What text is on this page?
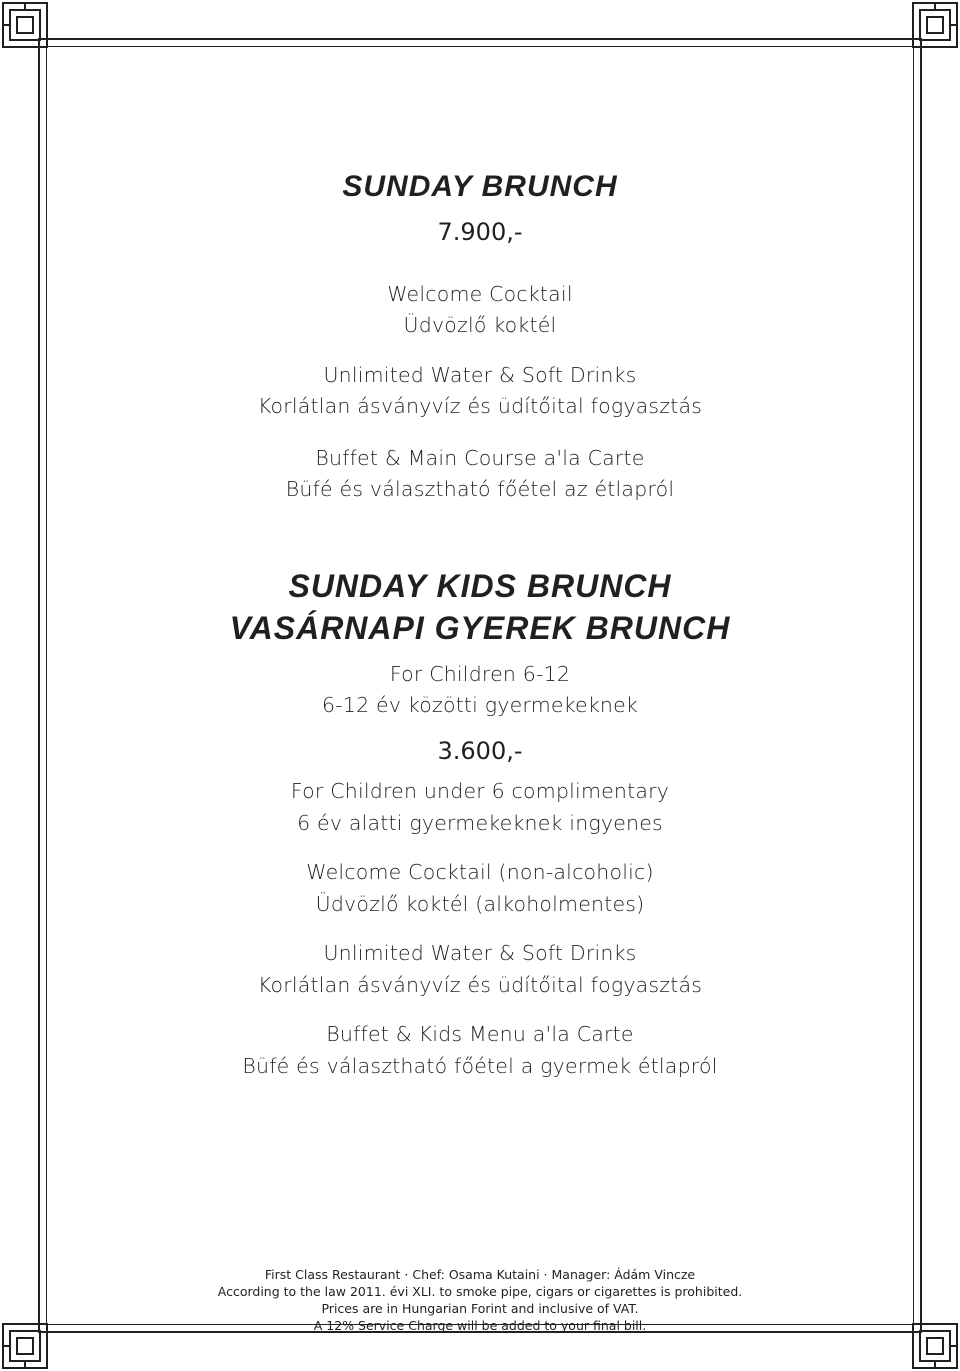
SUNDAY BRUNCH
7.900,-

Welcome Cocktail

Üdvözlő koktél

Unlimited Water & Soft Drinks

Korlátlan ásványvíz és üdítőital fogyasztás

Buffet & Main Course a'la Carte

Büfé és választható főétel az étlapról

SUNDAY KIDS BRUNCH
VASÁRNAPI GYEREK BRUNCH

For Children 6-12

6-12 év közötti gyermekeknek

3.600,-

For Children under 6 complimentary

6 év alatti gyermekeknek ingyenes

Welcome Cocktail (non-alcoholic)

Üdvözlő koktél (alkoholmentes)

Unlimited Water & Soft Drinks

Korlátlan ásványvíz és üdítőital fogyasztás

Buffet & Kids Menu a'la Carte

Büfé és választható főétel a gyermek étlapról

First Class Restaurant · Chef: Osama Kutaini · Manager: Ádám Vincze

According to the law 2011. évi XLI. to smoke pipe, cigars or cigarettes is prohibited.

Prices are in Hungarian Forint and inclusive of VAT.

A 12% Service Charge will be added to your final bill.
